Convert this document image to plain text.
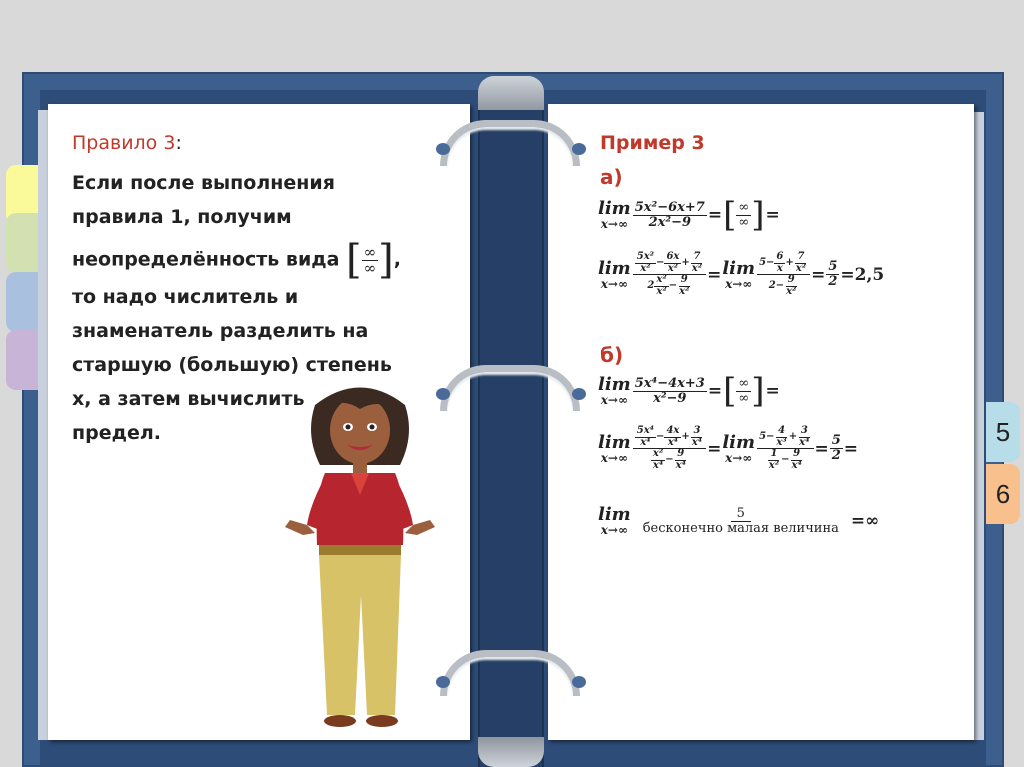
5
6
Правило 3:
Если после выполнения
правила 1, получим
неопределённость вида [ ∞
∞ ] ,
то надо числитель и
знаменатель разделить на
старшую (большую) степень
х, а затем вычислить
предел.
Пример 3
а)
lim
$x\to\infty \frac{\text{5x²−6x+7}}{\text{2x²−9}}$ = [ ∞
∞ ] =
lim
x→∞ 5x²
x²
−
6x
x²
+
7
x²
2
x²
x²
−
9
x² = lim
x→∞ $5- \frac{6}{x}$ +
7
x²
$2- \frac{9}{\text{x²}} = \frac{5}{2} =2,5$
б)
lim
$x\to\infty \frac{\text{5x⁴−4x+3}}{\text{x²−9}}$ = [ ∞
∞ ] =
lim
x→∞ 5x⁴
x⁴
−
4x
x⁴
+
3
x⁴
x²
x⁴
−
9
x⁴ = lim
x→∞ $5- \frac{4}{\text{x³}}$ +
3
x⁴
1
x²
−
9
$x^4 = \frac{5}{2}$ =
lim
x→∞
5
бесконечно малая величина =∞
